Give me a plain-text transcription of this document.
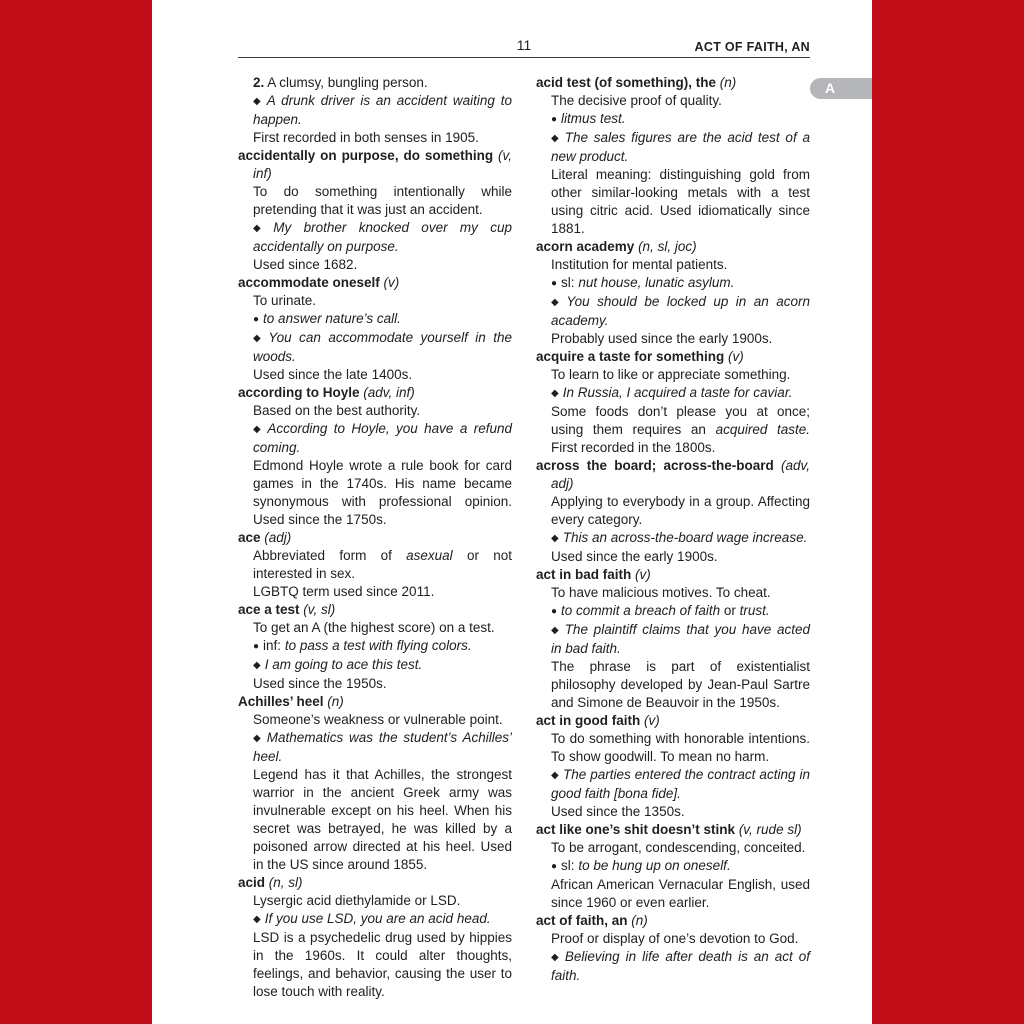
11	ACT OF FAITH, AN
A

2. A clumsy, bungling person.

◆ A drunk driver is an accident waiting to happen.

First recorded in both senses in 1905.

accidentally on purpose, do something (v, inf)

To do something intentionally while pretending that it was just an accident.

◆ My brother knocked over my cup accidentally on purpose.

Used since 1682.

accommodate oneself (v)

To urinate.

● to answer nature’s call.

◆ You can accommodate yourself in the woods.

Used since the late 1400s.

according to Hoyle (adv, inf)

Based on the best authority.

◆ According to Hoyle, you have a refund coming.

Edmond Hoyle wrote a rule book for card games in the 1740s. His name became synonymous with professional opinion. Used since the 1750s.

ace (adj)

Abbreviated form of asexual or not interested in sex.

LGBTQ term used since 2011.

ace a test (v, sl)

To get an A (the highest score) on a test.

● inf: to pass a test with flying colors.

◆ I am going to ace this test.

Used since the 1950s.

Achilles’ heel (n)

Someone’s weakness or vulnerable point.

◆ Mathematics was the student’s Achilles’ heel.

Legend has it that Achilles, the strongest warrior in the ancient Greek army was invulnerable except on his heel. When his secret was betrayed, he was killed by a poisoned arrow directed at his heel. Used in the US since around 1855.

acid (n, sl)

Lysergic acid diethylamide or LSD.

◆ If you use LSD, you are an acid head.

LSD is a psychedelic drug used by hippies in the 1960s. It could alter thoughts, feelings, and behavior, causing the user to lose touch with reality.

acid test (of something), the (n)

The decisive proof of quality.

● litmus test.

◆ The sales figures are the acid test of a new product.

Literal meaning: distinguishing gold from other similar-looking metals with a test using citric acid. Used idiomatically since 1881.

acorn academy (n, sl, joc)

Institution for mental patients.

● sl: nut house, lunatic asylum.

◆ You should be locked up in an acorn academy.

Probably used since the early 1900s.

acquire a taste for something (v)

To learn to like or appreciate something.

◆ In Russia, I acquired a taste for caviar.

Some foods don’t please you at once; using them requires an acquired taste. First recorded in the 1800s.

across the board; across-the-board (adv, adj)

Applying to everybody in a group. Affecting every category.

◆ This an across-the-board wage increase.

Used since the early 1900s.

act in bad faith (v)

To have malicious motives. To cheat.

● to commit a breach of faith or trust.

◆ The plaintiff claims that you have acted in bad faith.

The phrase is part of existentialist philosophy developed by Jean-Paul Sartre and Simone de Beauvoir in the 1950s.

act in good faith (v)

To do something with honorable intentions. To show goodwill. To mean no harm.

◆ The parties entered the contract acting in good faith [bona fide].

Used since the 1350s.

act like one’s shit doesn’t stink (v, rude sl)

To be arrogant, condescending, conceited.

● sl: to be hung up on oneself.

African American Vernacular English, used since 1960 or even earlier.

act of faith, an (n)

Proof or display of one’s devotion to God.

◆ Believing in life after death is an act of faith.
